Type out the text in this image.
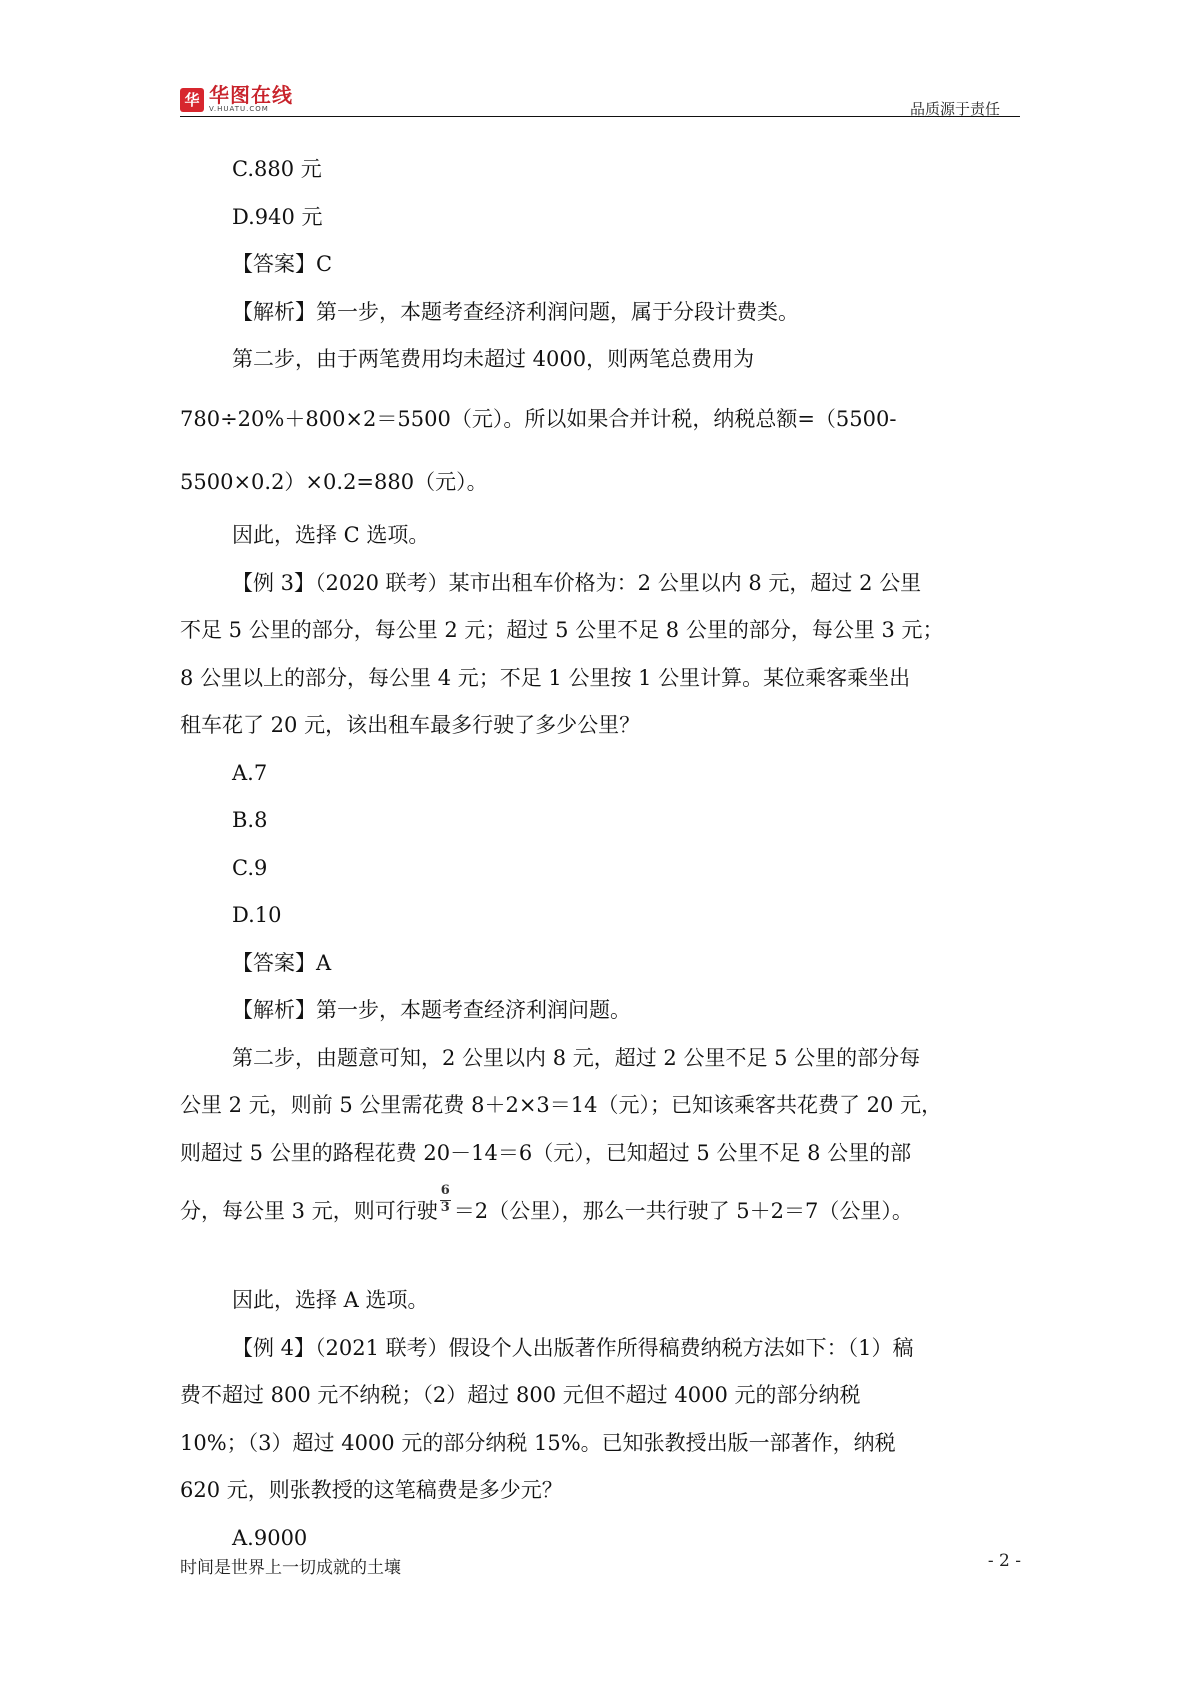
华 华图在线
V.HUATU.COM	品质源于责任
C.880 元
D.940 元
【答案】C
【解析】第一步，本题考查经济利润问题，属于分段计费类。
第二步，由于两笔费用均未超过 4000，则两笔总费用为
780÷20%＋800×2＝5500（元）。所以如果合并计税，纳税总额=（5500-
5500×0.2）×0.2=880（元）。
因此，选择 C 选项。
【例 3】（2020 联考）某市出租车价格为：2 公里以内 8 元，超过 2 公里
不足 5 公里的部分，每公里 2 元；超过 5 公里不足 8 公里的部分，每公里 3 元；
8 公里以上的部分，每公里 4 元；不足 1 公里按 1 公里计算。某位乘客乘坐出
租车花了 20 元，该出租车最多行驶了多少公里？
A.7
B.8
C.9
D.10
【答案】A
【解析】第一步，本题考查经济利润问题。
第二步，由题意可知，2 公里以内 8 元，超过 2 公里不足 5 公里的部分每
公里 2 元，则前 5 公里需花费 8＋2×3＝14（元）；已知该乘客共花费了 20 元，
则超过 5 公里的路程花费 20－14＝6（元），已知超过 5 公里不足 8 公里的部
分，每公里 3 元，则可行驶 $\frac{6}{3} =2$（公里），那么一共行驶了 5＋2＝7（公里）。
因此，选择 A 选项。
【例 4】（2021 联考）假设个人出版著作所得稿费纳税方法如下：（1）稿
费不超过 800 元不纳税；（2）超过 800 元但不超过 4000 元的部分纳税
10%；（3）超过 4000 元的部分纳税 15%。已知张教授出版一部著作，纳税
620 元，则张教授的这笔稿费是多少元？
A.9000
时间是世界上一切成就的土壤	- 2 -
